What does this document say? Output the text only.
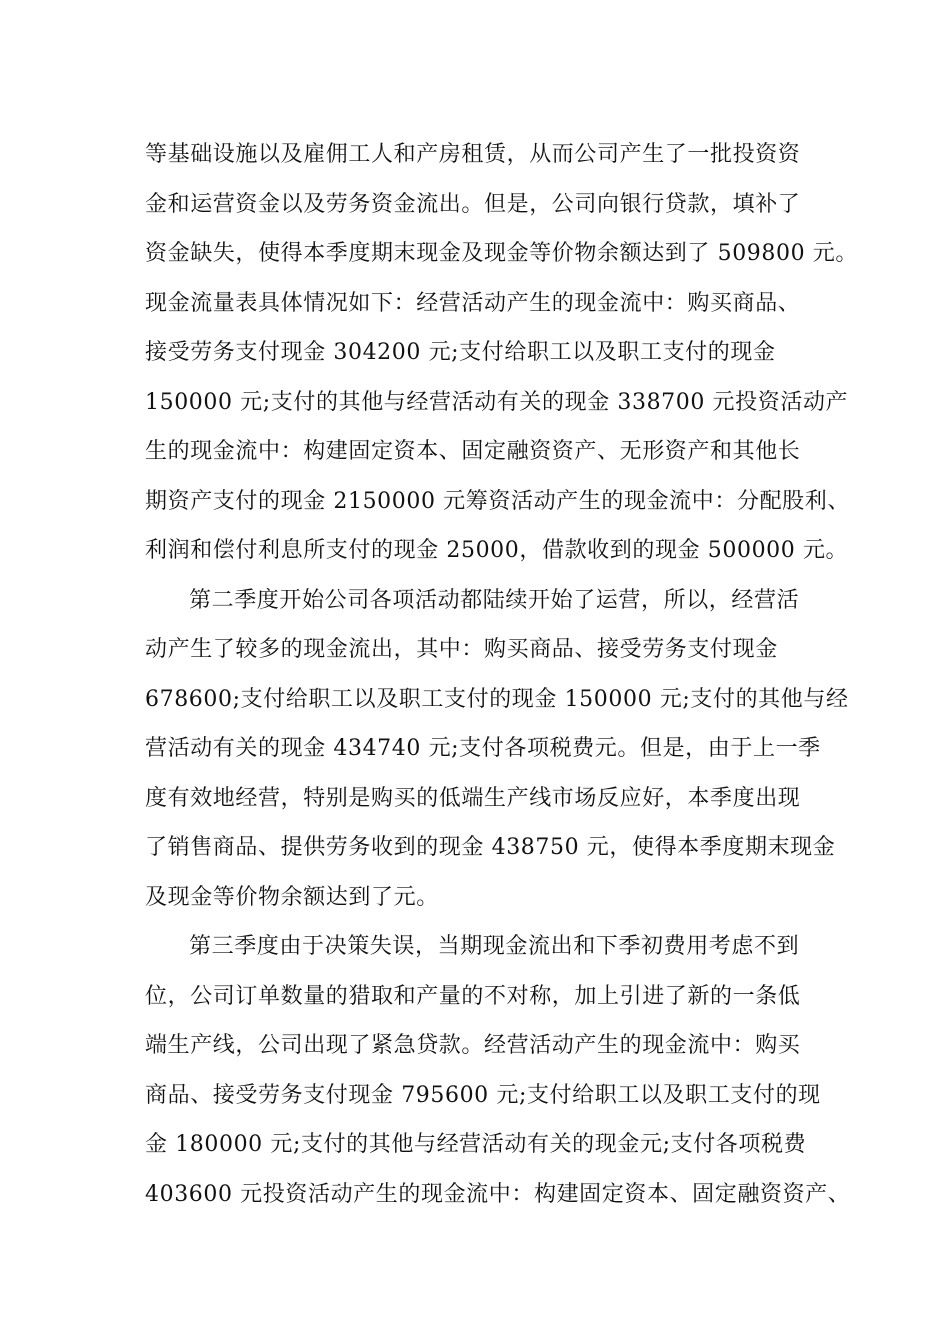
等基础设施以及雇佣工人和产房租赁，从而公司产生了一批投资资
金和运营资金以及劳务资金流出。但是，公司向银行贷款，填补了
资金缺失，使得本季度期末现金及现金等价物余额达到了 509800 元。
现金流量表具体情况如下：经营活动产生的现金流中：购买商品、
接受劳务支付现金 304200 元;支付给职工以及职工支付的现金
150000 元;支付的其他与经营活动有关的现金 338700 元投资活动产
生的现金流中：构建固定资本、固定融资资产、无形资产和其他长
期资产支付的现金 2150000 元筹资活动产生的现金流中：分配股利、
利润和偿付利息所支付的现金 25000，借款收到的现金 500000 元。
第二季度开始公司各项活动都陆续开始了运营，所以，经营活
动产生了较多的现金流出，其中：购买商品、接受劳务支付现金
678600;支付给职工以及职工支付的现金 150000 元;支付的其他与经
营活动有关的现金 434740 元;支付各项税费元。但是，由于上一季
度有效地经营，特别是购买的低端生产线市场反应好，本季度出现
了销售商品、提供劳务收到的现金 438750 元，使得本季度期末现金
及现金等价物余额达到了元。
第三季度由于决策失误，当期现金流出和下季初费用考虑不到
位，公司订单数量的猎取和产量的不对称，加上引进了新的一条低
端生产线，公司出现了紧急贷款。经营活动产生的现金流中：购买
商品、接受劳务支付现金 795600 元;支付给职工以及职工支付的现
金 180000 元;支付的其他与经营活动有关的现金元;支付各项税费
403600 元投资活动产生的现金流中：构建固定资本、固定融资资产、
